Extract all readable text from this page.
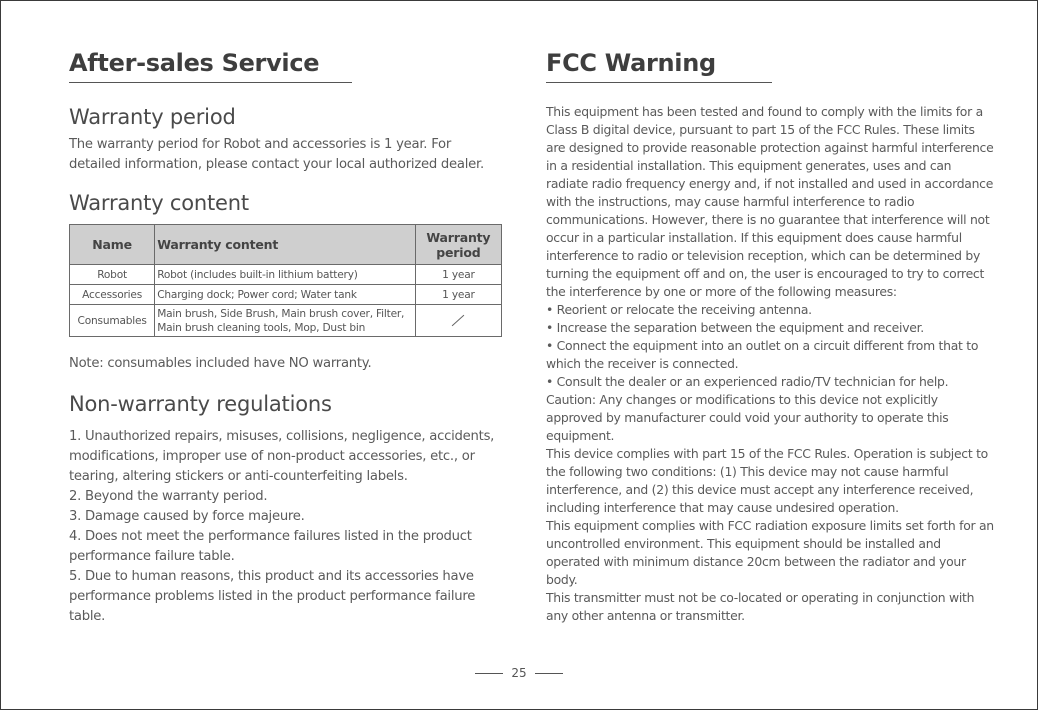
After-sales Service
Warranty period
The warranty period for Robot and accessories is 1 year. For detailed information, please contact your local authorized dealer.
Warranty content
Name	Warranty content	Warranty period
Robot	Robot (includes built-in lithium battery)	1 year
Accessories	Charging dock; Power cord; Water tank	1 year
Consumables	Main brush, Side Brush, Main brush cover, Filter, Main brush cleaning tools, Mop, Dust bin	
Note: consumables included have NO warranty.
Non-warranty regulations
1. Unauthorized repairs, misuses, collisions, negligence, accidents, modifications, improper use of non-product accessories, etc., or tearing, altering stickers or anti-counterfeiting labels.
2. Beyond the warranty period.
3. Damage caused by force majeure.
4. Does not meet the performance failures listed in the product performance failure table.
5. Due to human reasons, this product and its accessories have performance problems listed in the product performance failure table.
FCC Warning
This equipment has been tested and found to comply with the limits for a Class B digital device, pursuant to part 15 of the FCC Rules. These limits are designed to provide reasonable protection against harmful interference in a residential installation. This equipment generates, uses and can radiate radio frequency energy and, if not installed and used in accordance with the instructions, may cause harmful interference to radio communications. However, there is no guarantee that interference will not occur in a particular installation. If this equipment does cause harmful interference to radio or television reception, which can be determined by turning the equipment off and on, the user is encouraged to try to correct the interference by one or more of the following measures:
• Reorient or relocate the receiving antenna.
• Increase the separation between the equipment and receiver.
• Connect the equipment into an outlet on a circuit different from that to which the receiver is connected.
• Consult the dealer or an experienced radio/TV technician for help.
Caution: Any changes or modifications to this device not explicitly approved by manufacturer could void your authority to operate this equipment.
This device complies with part 15 of the FCC Rules. Operation is subject to the following two conditions: (1) This device may not cause harmful interference, and (2) this device must accept any interference received, including interference that may cause undesired operation.
This equipment complies with FCC radiation exposure limits set forth for an uncontrolled environment. This equipment should be installed and operated with minimum distance 20cm between the radiator and your body.
This transmitter must not be co-located or operating in conjunction with any other antenna or transmitter.
25
